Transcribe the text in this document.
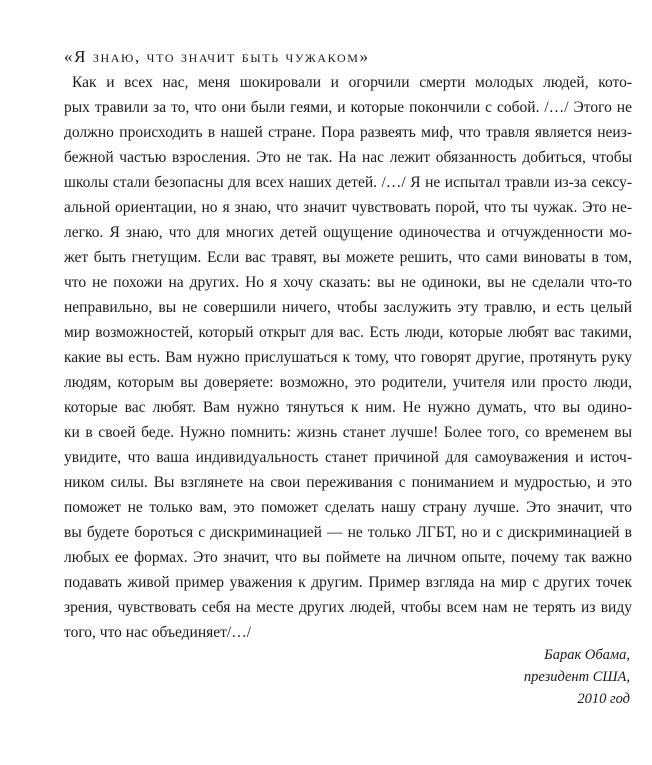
«Я знаю, что значит быть чужаком»
Как и всех нас, меня шокировали и огорчили смерти молодых людей, кото-
рых травили за то, что они были геями, и которые покончили с собой. /…/ Этого не
должно происходить в нашей стране. Пора развеять миф, что травля является неиз-
бежной частью взросления. Это не так. На нас лежит обязанность добиться, чтобы
школы стали безопасны для всех наших детей. /…/ Я не испытал травли из-за сексу-
альной ориентации, но я знаю, что значит чувствовать порой, что ты чужак. Это не-
легко. Я знаю, что для многих детей ощущение одиночества и отчужденности мо-
жет быть гнетущим. Если вас травят, вы можете решить, что сами виноваты в том,
что не похожи на других. Но я хочу сказать: вы не одиноки, вы не сделали что-то
неправильно, вы не совершили ничего, чтобы заслужить эту травлю, и есть целый
мир возможностей, который открыт для вас. Есть люди, которые любят вас такими,
какие вы есть. Вам нужно прислушаться к тому, что говорят другие, протянуть руку
людям, которым вы доверяете: возможно, это родители, учителя или просто люди,
которые вас любят. Вам нужно тянуться к ним. Не нужно думать, что вы одино-
ки в своей беде. Нужно помнить: жизнь станет лучше! Более того, со временем вы
увидите, что ваша индивидуальность станет причиной для самоуважения и источ-
ником силы. Вы взглянете на свои переживания с пониманием и мудростью, и это
поможет не только вам, это поможет сделать нашу страну лучше. Это значит, что
вы будете бороться с дискриминацией — не только ЛГБТ, но и с дискриминацией в
любых ее формах. Это значит, что вы поймете на личном опыте, почему так важно
подавать живой пример уважения к другим. Пример взгляда на мир с других точек
зрения, чувствовать себя на месте других людей, чтобы всем нам не терять из виду
того, что нас объединяет/…/
Барак Обама,
президент США,
2010 год
